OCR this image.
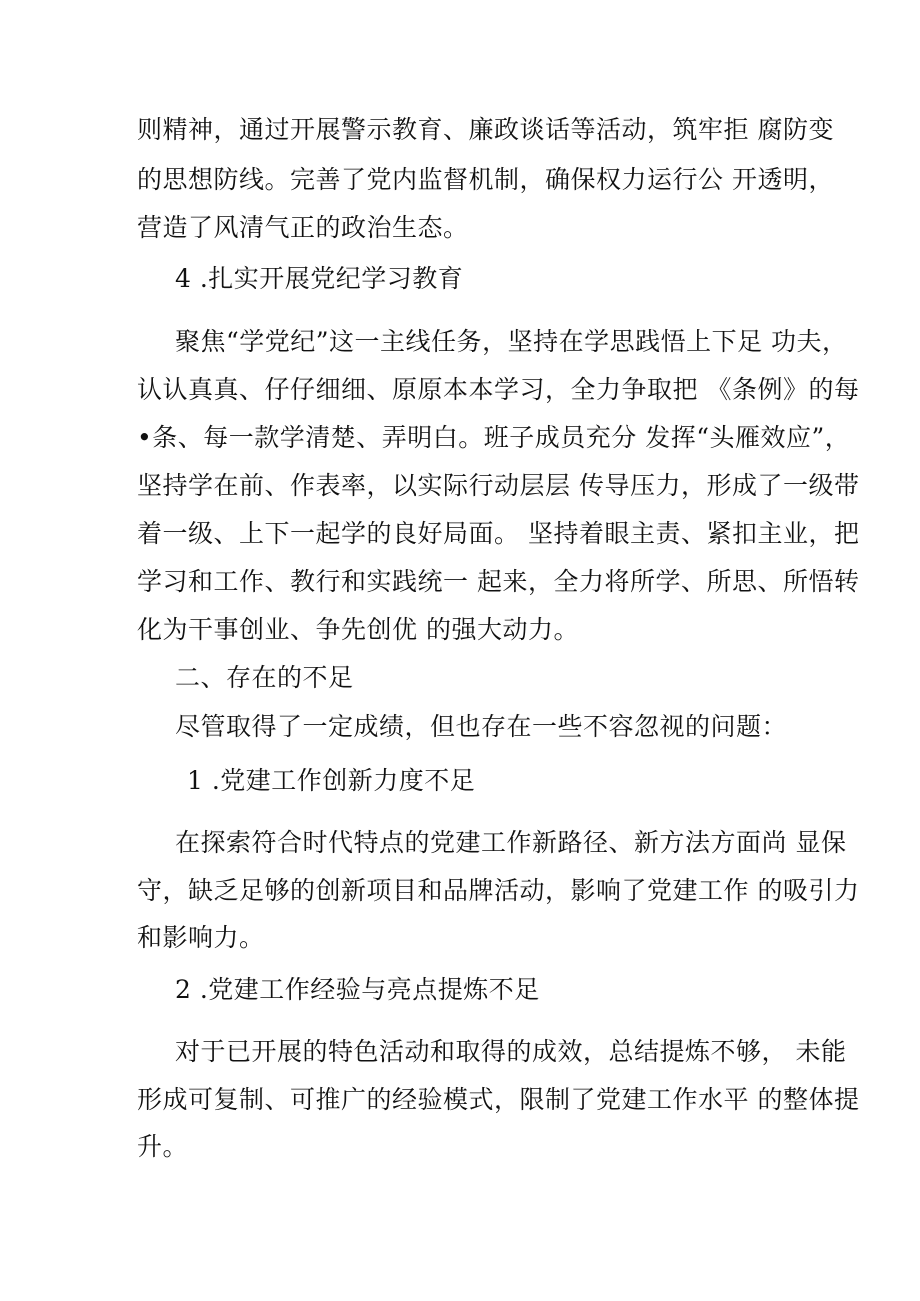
则精神，通过开展警示教育、廉政谈话等活动，筑牢拒 腐防变
的思想防线。完善了党内监督机制，确保权力运行公 开透明，
营造了风清气正的政治生态。
4 .扎实开展党纪学习教育
聚焦“学党纪”这一主线任务，坚持在学思践悟上下足 功夫，
认认真真、仔仔细细、原原本本学习，全力争取把 《条例》的每
•条、每一款学清楚、弄明白。班子成员充分 发挥“头雁效应”，
坚持学在前、作表率，以实际行动层层 传导压力，形成了一级带
着一级、上下一起学的良好局面。 坚持着眼主责、紧扣主业，把
学习和工作、教行和实践统一 起来，全力将所学、所思、所悟转
化为干事创业、争先创优 的强大动力。
二、存在的不足
尽管取得了一定成绩，但也存在一些不容忽视的问题：
1 .党建工作创新力度不足
在探索符合时代特点的党建工作新路径、新方法方面尚 显保
守，缺乏足够的创新项目和品牌活动，影响了党建工作 的吸引力
和影响力。
2 .党建工作经验与亮点提炼不足
对于已开展的特色活动和取得的成效，总结提炼不够， 未能
形成可复制、可推广的经验模式，限制了党建工作水平 的整体提
升。
